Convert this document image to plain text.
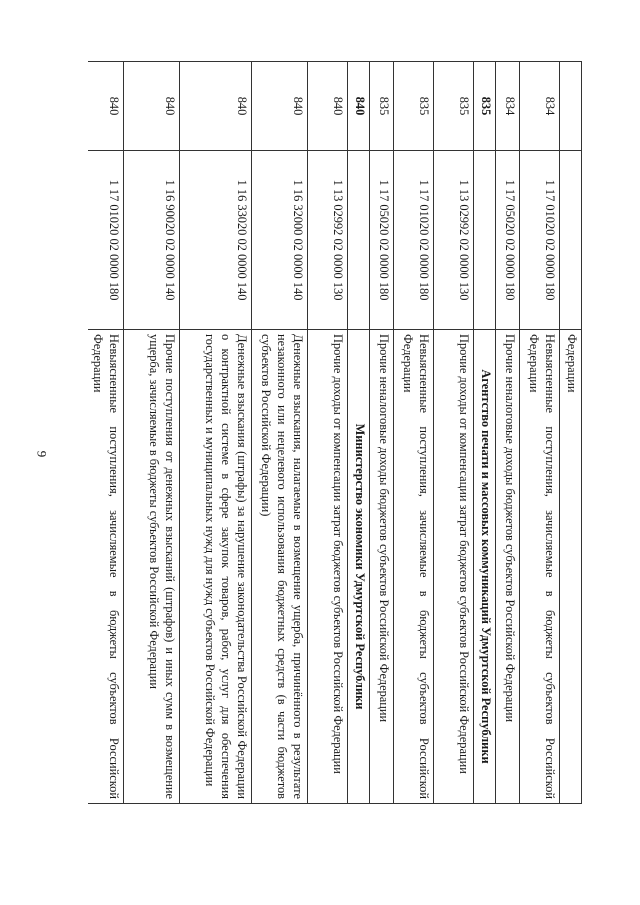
9
		Федерации
834	1 17 01020 02 0000 180	Невыясненные поступления, зачисляемые в бюджеты субъектов Российской Федерации
834	1 17 05020 02 0000 180	Прочие неналоговые доходы бюджетов субъектов Российской Федерации
835		Агентство печати и массовых коммуникаций Удмуртской Республики
835	1 13 02992 02 0000 130	Прочие доходы от компенсации затрат бюджетов субъектов Российской Федерации
835	1 17 01020 02 0000 180	Невыясненные поступления, зачисляемые в бюджеты субъектов Российской Федерации
835	1 17 05020 02 0000 180	Прочие неналоговые доходы бюджетов субъектов Российской Федерации
840		Министерство экономики Удмуртской Республики
840	1 13 02992 02 0000 130	Прочие доходы от компенсации затрат бюджетов субъектов Российской Федерации
840	1 16 32000 02 0000 140	Денежные взыскания, налагаемые в возмещение ущерба, причинённого в результате незаконного или нецелевого использования бюджетных средств (в части бюджетов субъектов Российской Федерации)
840	1 16 33020 02 0000 140	Денежные взыскания (штрафы) за нарушение законодательства Российской Федерации о контрактной системе в сфере закупок товаров, работ, услуг для обеспечения государственных и муниципальных нужд для нужд субъектов Российской Федерации
840	1 16 90020 02 0000 140	Прочие поступления от денежных взысканий (штрафов) и иных сумм в возмещение ущерба, зачисляемые в бюджеты субъектов Российской Федерации
840	1 17 01020 02 0000 180	Невыясненные поступления, зачисляемые в бюджеты субъектов Российской Федерации
